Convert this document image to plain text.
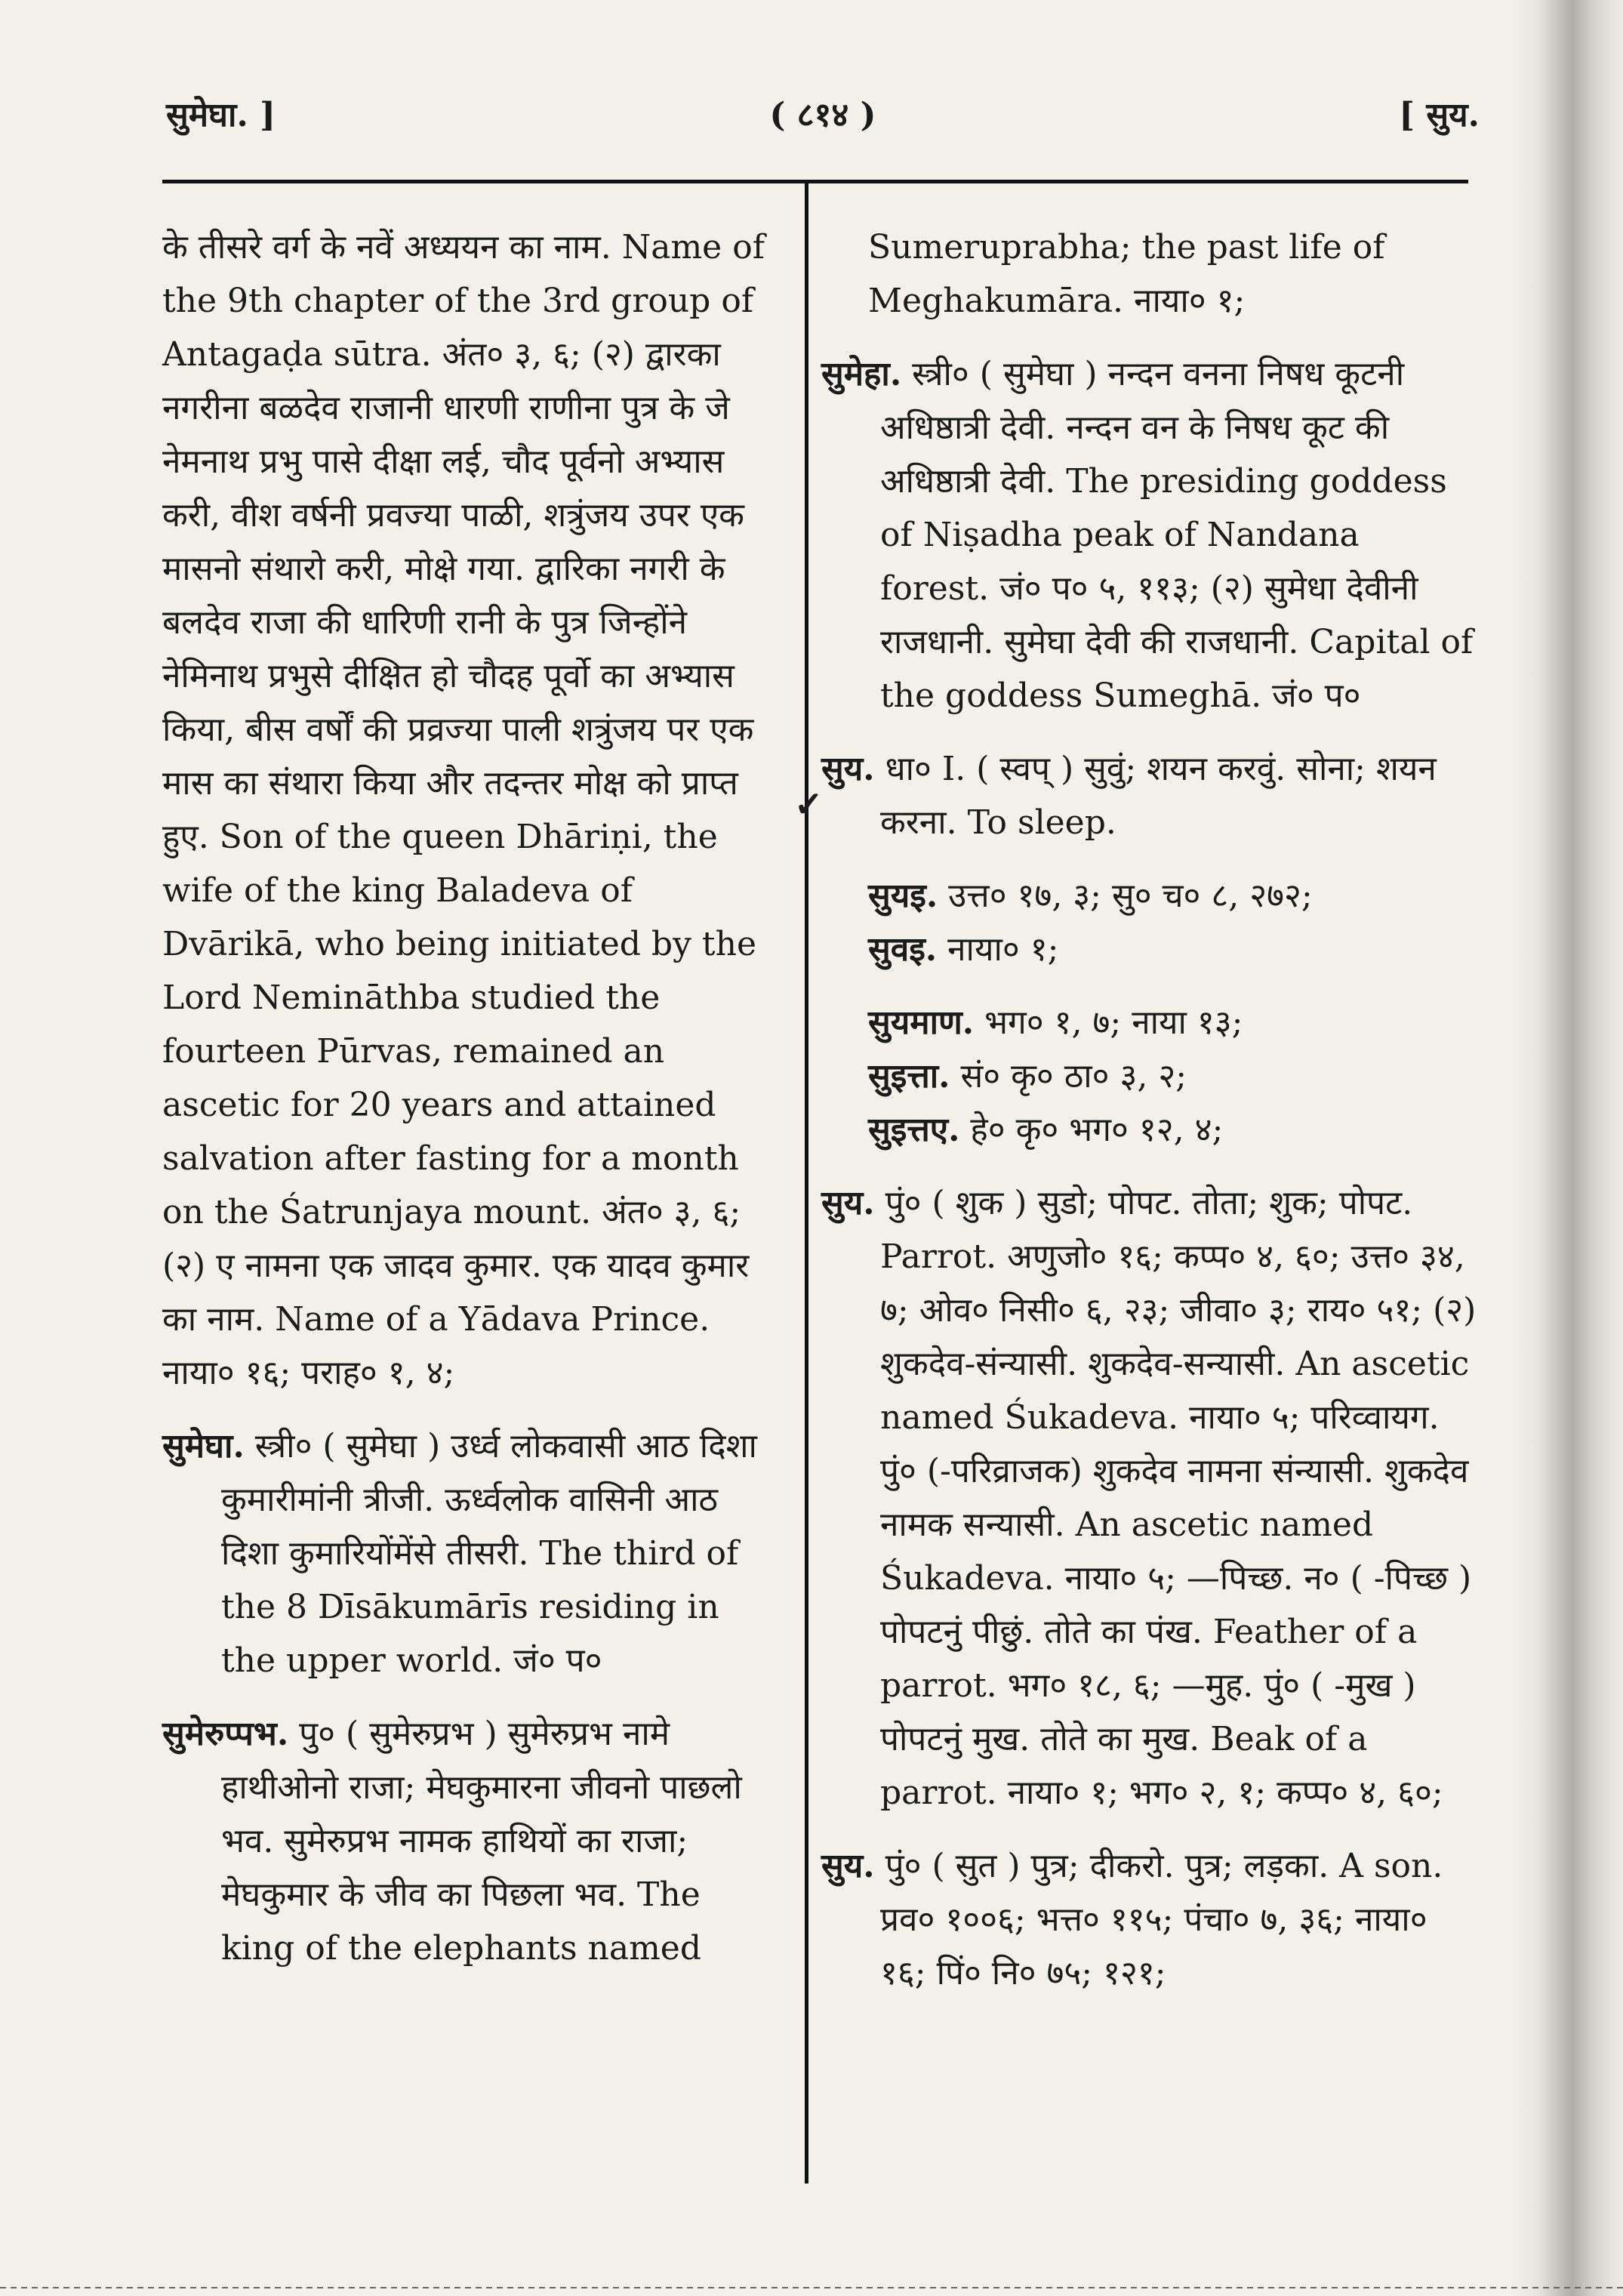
सुमेघा. ]	( ८१४ )	[ सुय.
✓

के तीसरे वर्ग के नवें अध्ययन का नाम. Name of the 9th chapter of the 3rd group of Antagaḍa sūtra. अंत० ३, ६; (२) द्वारका नगरीना बळदेव राजानी धारणी राणीना पुत्र के जे नेमनाथ प्रभु पासे दीक्षा लई, चौद पूर्वनो अभ्यास करी, वीश वर्षनी प्रवज्या पाळी, शत्रुंजय उपर एक मासनो संथारो करी, मोक्षे गया. द्वारिका नगरी के बलदेव राजा की धारिणी रानी के पुत्र जिन्होंने नेमिनाथ प्रभुसे दीक्षित हो चौदह पूर्वो का अभ्यास किया, बीस वर्षों की प्रव्रज्या पाली शत्रुंजय पर एक मास का संथारा किया और तदन्तर मोक्ष को प्राप्त हुए. Son of the queen Dhāriṇi, the wife of the king Baladeva of Dvārikā, who being initiated by the Lord Nemināthba studied the fourteen Pūrvas, remained an ascetic for 20 years and attained salvation after fasting for a month on the Śatrunjaya mount. अंत० ३, ६; (२) ए नामना एक जादव कुमार. एक यादव कुमार का नाम. Name of a Yādava Prince. नाया० १६; पराह० १, ४;

सुमेघा. स्त्री० ( सुमेघा ) उर्ध्व लोकवासी आठ दिशा कुमारीमांनी त्रीजी. ऊर्ध्वलोक वासिनी आठ दिशा कुमारियोंमेंसे तीसरी. The third of the 8 Dīsākumārīs residing in the upper world. जं० प०

सुमेरुप्पभ. पु० ( सुमेरुप्रभ ) सुमेरुप्रभ नामे हाथीओनो राजा; मेघकुमारना जीवनो पाछलो भव. सुमेरुप्रभ नामक हाथियों का राजा; मेघकुमार के जीव का पिछला भव. The king of the elephants named

Sumeruprabha; the past life of Meghakumāra. नाया० १;

सुमेहा. स्त्री० ( सुमेघा ) नन्दन वनना निषध कूटनी अधिष्ठात्री देवी. नन्दन वन के निषध कूट की अधिष्ठात्री देवी. The presiding goddess of Niṣadha peak of Nandana forest. जं० प० ५, ११३; (२) सुमेधा देवीनी राजधानी. सुमेघा देवी की राजधानी. Capital of the goddess Sumeghā. जं० प०

सुय. धा० I. ( स्वप् ) सुवुं; शयन करवुं. सोना; शयन करना. To sleep.

सुयइ. उत्त० १७, ३; सु० च० ८, २७२;
सुवइ. नाया० १;
सुयमाण. भग० १, ७; नाया १३;
सुइत्ता. सं० कृ० ठा० ३, २;
सुइत्तए. हे० कृ० भग० १२, ४;

सुय. पुं० ( शुक ) सुडो; पोपट. तोता; शुक; पोपट. Parrot. अणुजो० १६; कप्प० ४, ६०; उत्त० ३४, ७; ओव० निसी० ६, २३; जीवा० ३; राय० ५१; (२) शुकदेव-संन्यासी. शुकदेव-सन्यासी. An ascetic named Śukadeva. नाया० ५; परिव्वायग. पुं० (-परिव्राजक) शुकदेव नामना संन्यासी. शुकदेव नामक सन्यासी. An ascetic named Śukadeva. नाया० ५; —पिच्छ. न० ( -पिच्छ ) पोपटनुं पीछुं. तोते का पंख. Feather of a parrot. भग० १८, ६; —मुह. पुं० ( -मुख ) पोपटनुं मुख. तोते का मुख. Beak of a parrot. नाया० १; भग० २, १; कप्प० ४, ६०;

सुय. पुं० ( सुत ) पुत्र; दीकरो. पुत्र; लड़का. A son. प्रव० १००६; भत्त० ११५; पंचा० ७, ३६; नाया० १६; पिं० नि० ७५; १२१;
